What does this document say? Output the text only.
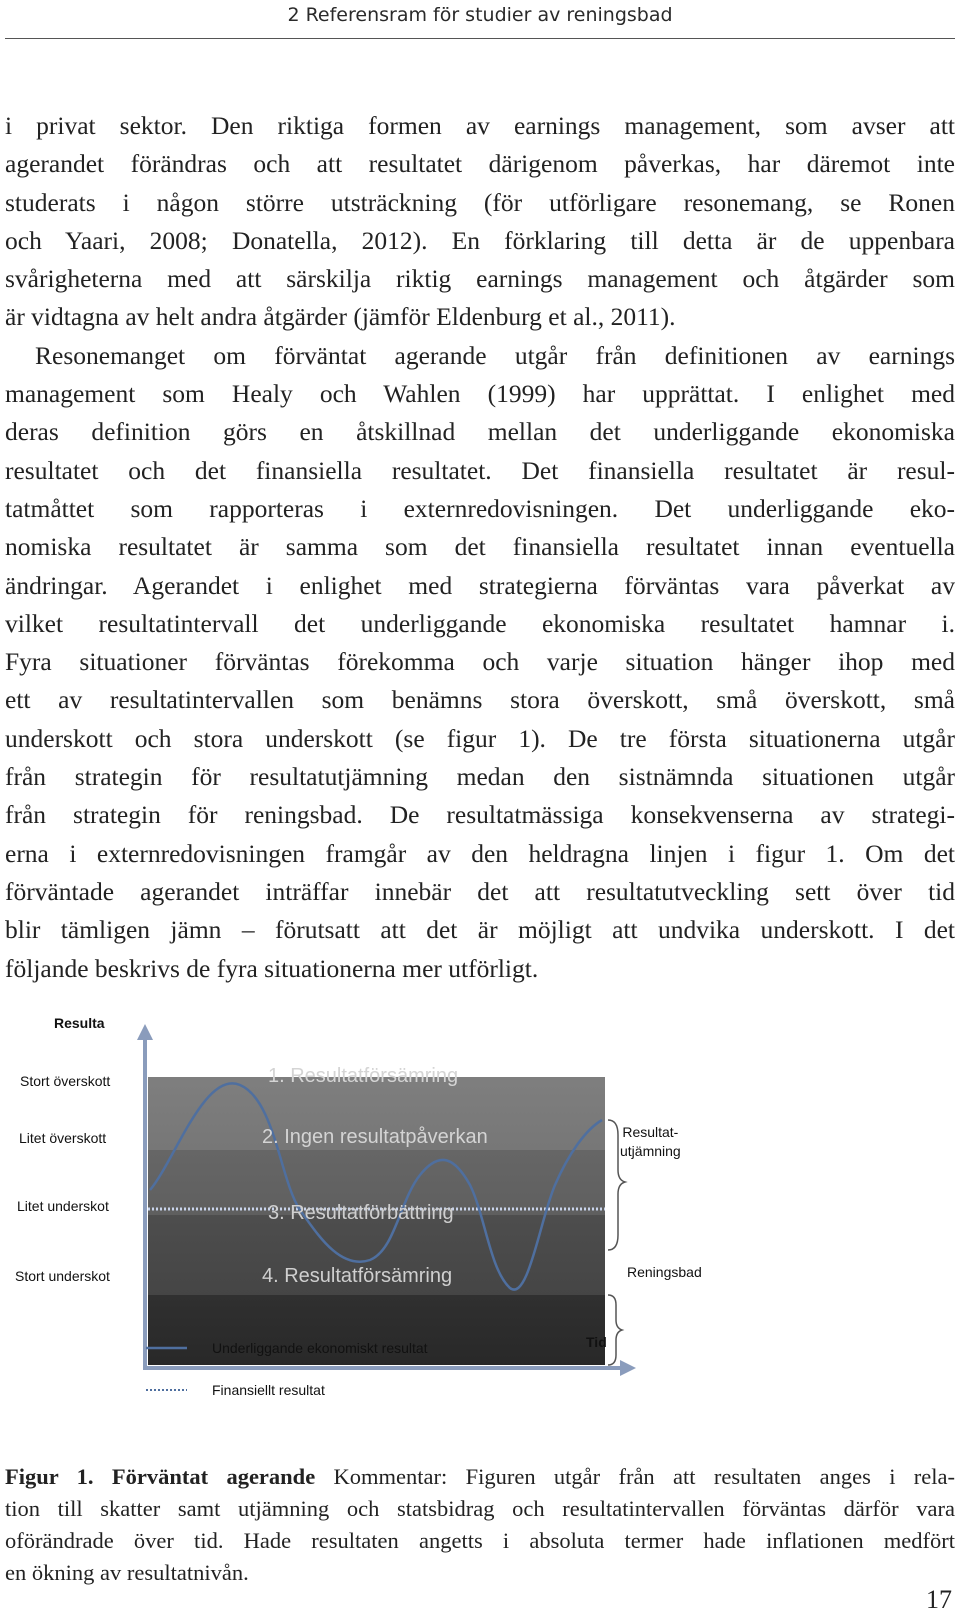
2 Referensram för studier av reningsbad
i privat sektor. Den riktiga formen av earnings management, som avser att
agerandet förändras och att resultatet därigenom påverkas, har däremot inte
studerats i någon större utsträckning (för utförligare resonemang, se Ronen
och Yaari, 2008; Donatella, 2012). En förklaring till detta är de uppenbara
svårigheterna med att särskilja riktig earnings management och åtgärder som
är vidtagna av helt andra åtgärder (jämför Eldenburg et al., 2011).
Resonemanget om förväntat agerande utgår från definitionen av earnings
management som Healy och Wahlen (1999) har upprättat. I enlighet med
deras definition görs en åtskillnad mellan det underliggande ekonomiska
resultatet och det finansiella resultatet. Det finansiella resultatet är resul-
tatmåttet som rapporteras i externredovisningen. Det underliggande eko-
nomiska resultatet är samma som det finansiella resultatet innan eventuella
ändringar. Agerandet i enlighet med strategierna förväntas vara påverkat av
vilket resultatintervall det underliggande ekonomiska resultatet hamnar i.
Fyra situationer förväntas förekomma och varje situation hänger ihop med
ett av resultatintervallen som benämns stora överskott, små överskott, små
underskott och stora underskott (se figur 1). De tre första situationerna utgår
från strategin för resultatutjämning medan den sistnämnda situationen utgår
från strategin för reningsbad. De resultatmässiga konsekvenserna av strategi-
erna i externredovisningen framgår av den heldragna linjen i figur 1. Om det
förväntade agerandet inträffar innebär det att resultatutveckling sett över tid
blir tämligen jämn – förutsatt att det är möjligt att undvika underskott. I det
följande beskrivs de fyra situationerna mer utförligt.
Resulta
Stort överskott
Litet överskott
Litet underskot
Stort underskot
1. Resultatförsämring
2. Ingen resultatpåverkan
3. Resultatförbättring
4. Resultatförsämring
Resultat-
utjämning
Reningsbad
Tid
Underliggande ekonomiskt resultat
Finansiellt resultat
Figur 1. Förväntat agerande Kommentar: Figuren utgår från att resultaten anges i rela-
tion till skatter samt utjämning och statsbidrag och resultatintervallen förväntas därför vara
oförändrade över tid. Hade resultaten angetts i absoluta termer hade inflationen medfört
en ökning av resultatnivån.
17
